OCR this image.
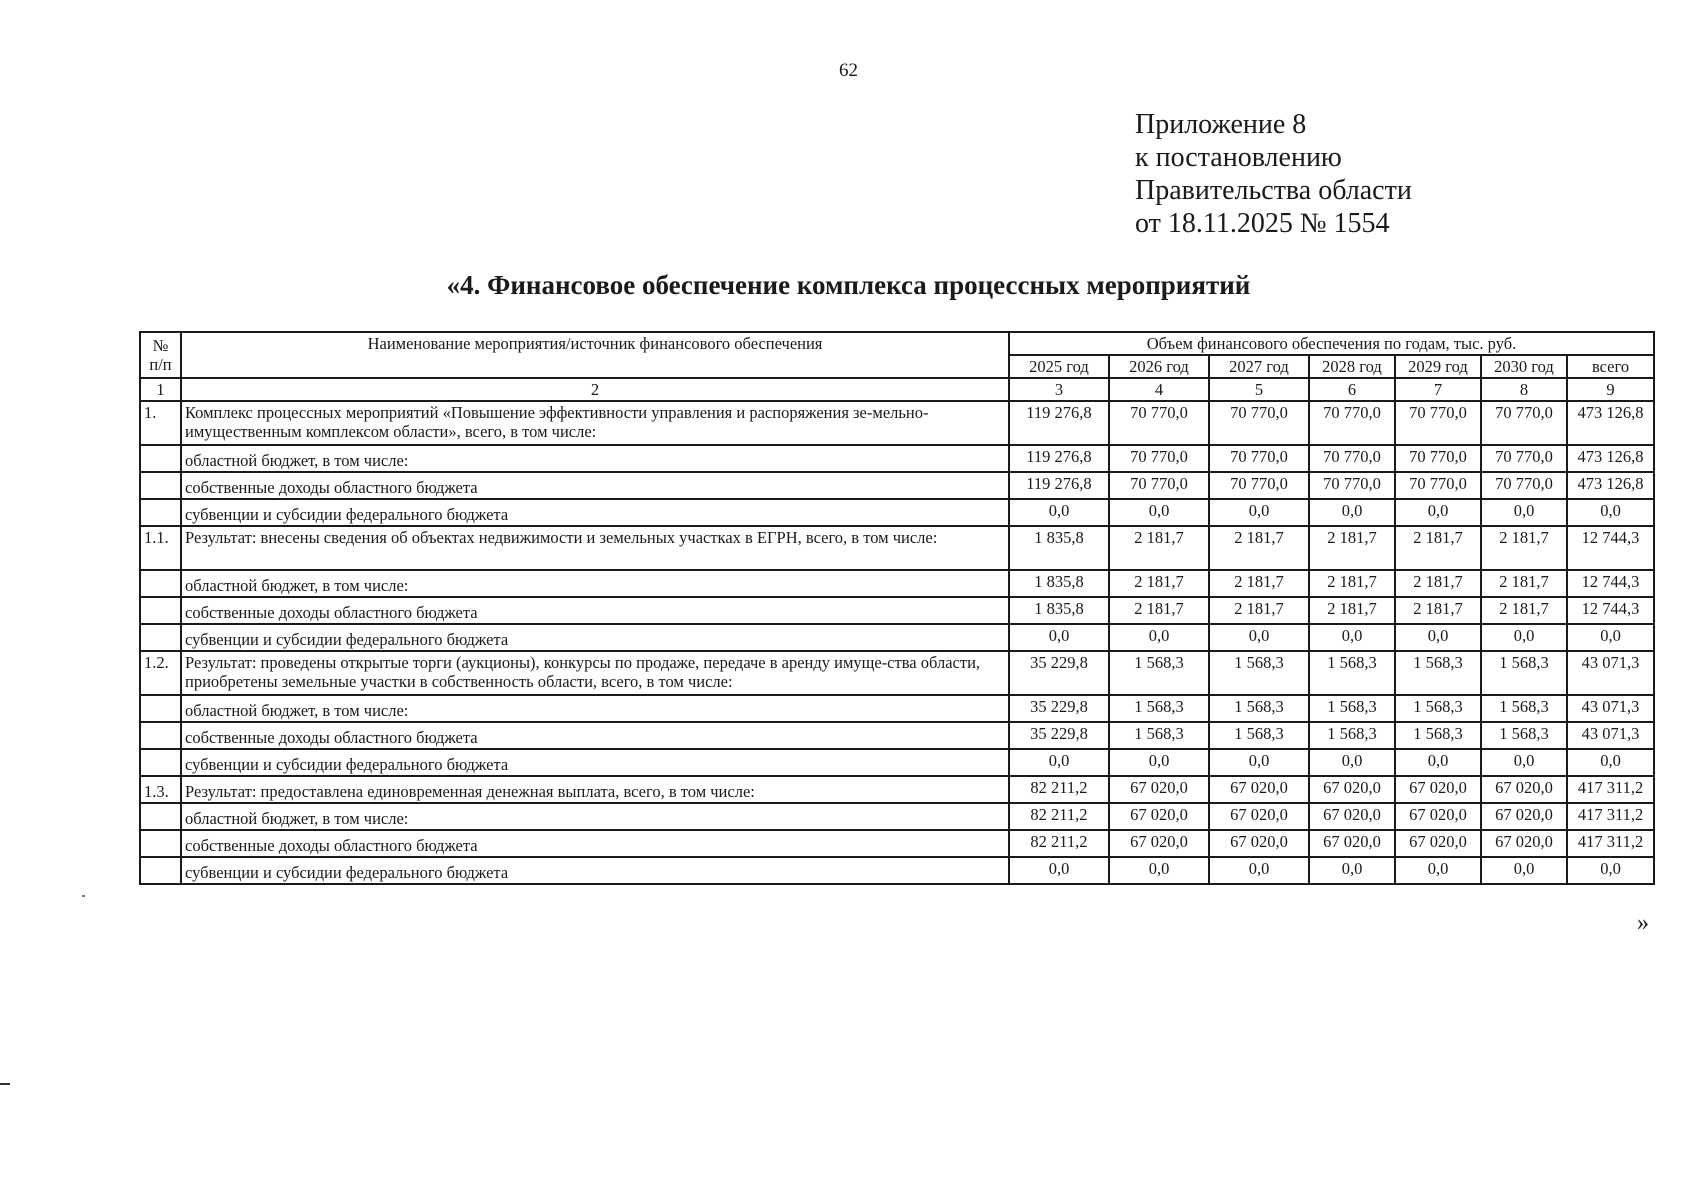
62
Приложение 8
к постановлению
Правительства области
от 18.11.2025 № 1554
«4. Финансовое обеспечение комплекса процессных мероприятий
№ п/п	Наименование мероприятия/источник финансового обеспечения	Объем финансового обеспечения по годам, тыс. руб.						
		2025 год	2026 год	2027 год	2028 год	2029 год	2030 год	всего
1	2	3	4	5	6	7	8	9
1.	Комплекс процессных мероприятий «Повышение эффективности управления и распоряжения зе-мельно-имущественным комплексом области», всего, в том числе:	119 276,8	70 770,0	70 770,0	70 770,0	70 770,0	70 770,0	473 126,8
	областной бюджет, в том числе:	119 276,8	70 770,0	70 770,0	70 770,0	70 770,0	70 770,0	473 126,8
	собственные доходы областного бюджета	119 276,8	70 770,0	70 770,0	70 770,0	70 770,0	70 770,0	473 126,8
	субвенции и субсидии федерального бюджета	0,0	0,0	0,0	0,0	0,0	0,0	0,0
1.1.	Результат: внесены сведения об объектах недвижимости и земельных участках в ЕГРН, всего, в том числе:	1 835,8	2 181,7	2 181,7	2 181,7	2 181,7	2 181,7	12 744,3
	областной бюджет, в том числе:	1 835,8	2 181,7	2 181,7	2 181,7	2 181,7	2 181,7	12 744,3
	собственные доходы областного бюджета	1 835,8	2 181,7	2 181,7	2 181,7	2 181,7	2 181,7	12 744,3
	субвенции и субсидии федерального бюджета	0,0	0,0	0,0	0,0	0,0	0,0	0,0
1.2.	Результат: проведены открытые торги (аукционы), конкурсы по продаже, передаче в аренду имуще-ства области, приобретены земельные участки в собственность области, всего, в том числе:	35 229,8	1 568,3	1 568,3	1 568,3	1 568,3	1 568,3	43 071,3
	областной бюджет, в том числе:	35 229,8	1 568,3	1 568,3	1 568,3	1 568,3	1 568,3	43 071,3
	собственные доходы областного бюджета	35 229,8	1 568,3	1 568,3	1 568,3	1 568,3	1 568,3	43 071,3
	субвенции и субсидии федерального бюджета	0,0	0,0	0,0	0,0	0,0	0,0	0,0
1.3.	Результат: предоставлена единовременная денежная выплата, всего, в том числе:	82 211,2	67 020,0	67 020,0	67 020,0	67 020,0	67 020,0	417 311,2
	областной бюджет, в том числе:	82 211,2	67 020,0	67 020,0	67 020,0	67 020,0	67 020,0	417 311,2
	собственные доходы областного бюджета	82 211,2	67 020,0	67 020,0	67 020,0	67 020,0	67 020,0	417 311,2
	субвенции и субсидии федерального бюджета	0,0	0,0	0,0	0,0	0,0	0,0	0,0
»
